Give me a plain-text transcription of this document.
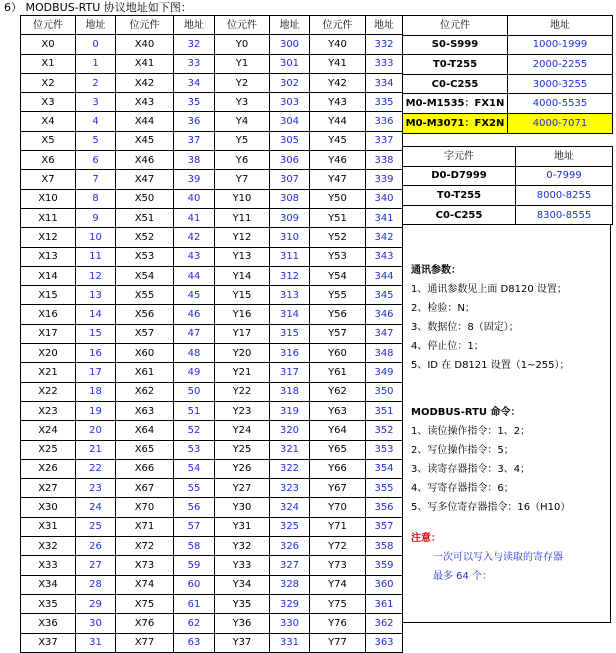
6） MODBUS-RTU 协议地址如下图：
位元件	地址	位元件	地址	位元件	地址	位元件	地址
X0	0	X40	32	Y0	300	Y40	332
X1	1	X41	33	Y1	301	Y41	333
X2	2	X42	34	Y2	302	Y42	334
X3	3	X43	35	Y3	303	Y43	335
X4	4	X44	36	Y4	304	Y44	336
X5	5	X45	37	Y5	305	Y45	337
X6	6	X46	38	Y6	306	Y46	338
X7	7	X47	39	Y7	307	Y47	339
X10	8	X50	40	Y10	308	Y50	340
X11	9	X51	41	Y11	309	Y51	341
X12	10	X52	42	Y12	310	Y52	342
X13	11	X53	43	Y13	311	Y53	343
X14	12	X54	44	Y14	312	Y54	344
X15	13	X55	45	Y15	313	Y55	345
X16	14	X56	46	Y16	314	Y56	346
X17	15	X57	47	Y17	315	Y57	347
X20	16	X60	48	Y20	316	Y60	348
X21	17	X61	49	Y21	317	Y61	349
X22	18	X62	50	Y22	318	Y62	350
X23	19	X63	51	Y23	319	Y63	351
X24	20	X64	52	Y24	320	Y64	352
X25	21	X65	53	Y25	321	Y65	353
X26	22	X66	54	Y26	322	Y66	354
X27	23	X67	55	Y27	323	Y67	355
X30	24	X70	56	Y30	324	Y70	356
X31	25	X71	57	Y31	325	Y71	357
X32	26	X72	58	Y32	326	Y72	358
X33	27	X73	59	Y33	327	Y73	359
X34	28	X74	60	Y34	328	Y74	360
X35	29	X75	61	Y35	329	Y75	361
X36	30	X76	62	Y36	330	Y76	362
X37	31	X77	63	Y37	331	Y77	363
位元件	地址
S0-S999	1000-1999
T0-T255	2000-2255
C0-C255	3000-3255
M0-M1535：FX1N	4000-5535
M0-M3071：FX2N	4000-7071
字元件	地址
D0-D7999	0-7999
T0-T255	8000-8255
C0-C255	8300-8555
通讯参数：
1、通讯参数见上面 D8120 设置；
2、检验：N；
3、数据位：8（固定）；
4、停止位：1；
5、ID 在 D8121 设置（1~255）；
MODBUS-RTU 命令：
1、读位操作指令：1、2；
2、写位操作指令：5；
3、读寄存器指令：3、4；
4、写寄存器指令：6；
5、写多位寄存器指令：16（H10）
注意：
一次可以写入与读取的寄存器
最多 64 个：
